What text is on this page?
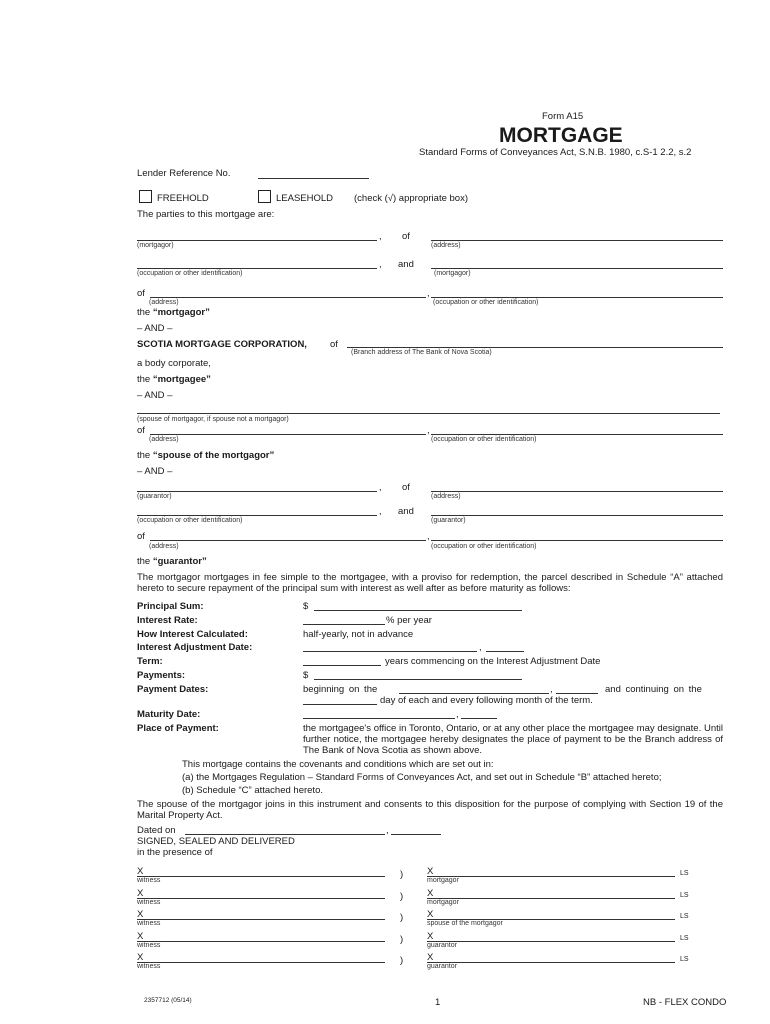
Form A15
MORTGAGE
Standard Forms of Conveyances Act, S.N.B. 1980, c.S-1 2.2, s.2
Lender Reference No.
FREEHOLD	LEASEHOLD (check (√) appropriate box)
The parties to this mortgage are:
, of
(mortgagor)	(address)
, and
(occupation or other identification)	(mortgagor)
of	,
(address)	(occupation or other identification)
the “mortgagor”
– AND –
SCOTIA MORTGAGE CORPORATION, of
(Branch address of The Bank of Nova Scotia)
a body corporate,
the “mortgagee”
– AND –
(spouse of mortgagor, if spouse not a mortgagor)
of	,
(address)	(occupation or other identification)
the “spouse of the mortgagor”
– AND –
, of
(guarantor)	(address)
, and
(occupation or other identification)	(guarantor)
of	,
(address)	(occupation or other identification)
the “guarantor”
The mortgagor mortgages in fee simple to the mortgagee, with a proviso for redemption, the parcel described in Schedule “A” attached hereto to secure repayment of the principal sum with interest as well after as before maturity as follows:
Principal Sum:	$
Interest Rate:	% per year
How Interest Calculated:	half-yearly, not in advance
Interest Adjustment Date:	,
Term:	years commencing on the Interest Adjustment Date
Payments:	$
Payment Dates:	beginning on the	,	and continuing on the
day of each and every following month of the term.
Maturity Date:	,
Place of Payment:	the mortgagee's office in Toronto, Ontario, or at any other place the mortgagee may designate. Until further notice, the mortgagee hereby designates the place of payment to be the Branch address of The Bank of Nova Scotia as shown above.
This mortgage contains the covenants and conditions which are set out in:
(a) the Mortgages Regulation – Standard Forms of Conveyances Act, and set out in Schedule “B” attached hereto;
(b) Schedule “C” attached hereto.
The spouse of the mortgagor joins in this instrument and consents to this disposition for the purpose of complying with Section 19 of the Marital Property Act.
Dated on	,
SIGNED, SEALED AND DELIVERED
in the presence of
X
witness
)	X
mortgagor
LS
X
witness
)	X
mortgagor
LS
X
witness
)	X
spouse of the mortgagor
LS
X
witness
)	X
guarantor
LS
X
witness
)	X
guarantor
LS
2357712 (05/14)	1	NB - FLEX CONDO
